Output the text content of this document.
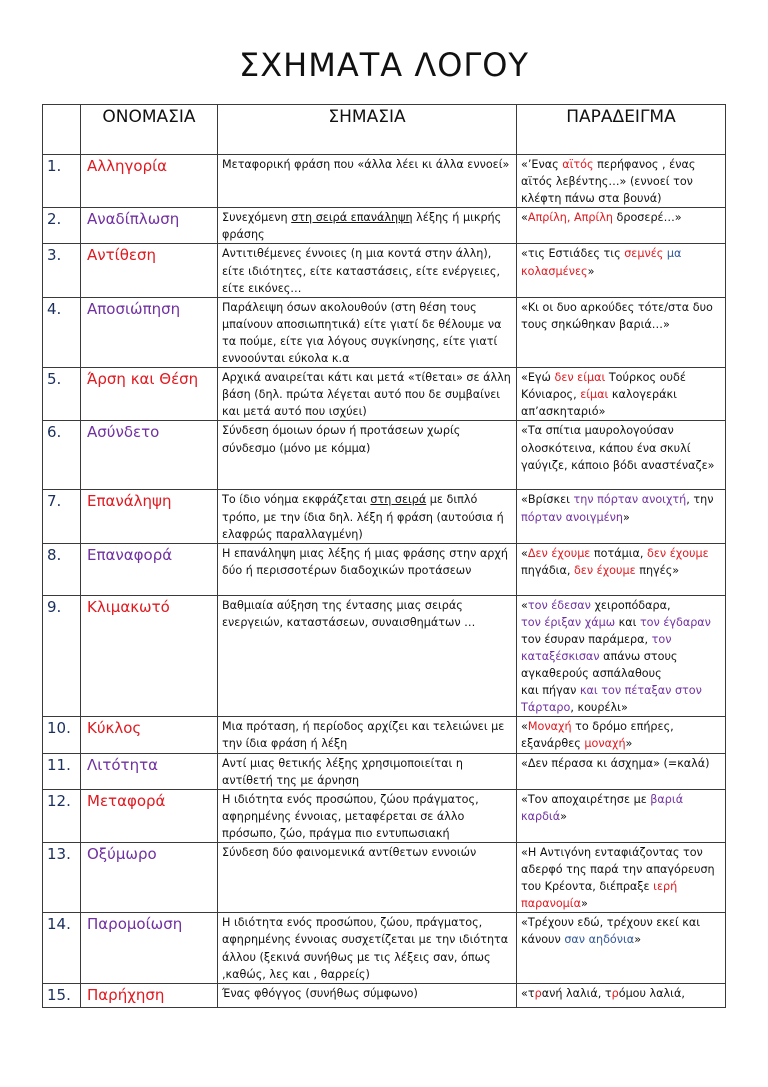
ΣΧΗΜΑΤΑ ΛΟΓΟΥ
	ΟΝΟΜΑΣΙΑ	ΣΗΜΑΣΙΑ	ΠΑΡΑΔΕΙΓΜΑ
1.	Αλληγορία	Μεταφορική φράση που «άλλα λέει κι άλλα εννοεί»	«’Ενας αϊτός περήφανος , ένας αϊτός λεβέντης…» (εννοεί τον κλέφτη πάνω στα βουνά)
2.	Αναδίπλωση	Συνεχόμενη στη σειρά επανάληψη λέξης ή μικρής φράσης	«Απρίλη, Απρίλη δροσερέ…»
3.	Αντίθεση	Αντιτιθέμενες έννοιες (η μια κοντά στην άλλη), είτε ιδιότητες, είτε καταστάσεις, είτε ενέργειες, είτε εικόνες…	«τις Εστιάδες τις σεμνές μα κολασμένες»
4.	Αποσιώπηση	Παράλειψη όσων ακολουθούν (στη θέση τους μπαίνουν αποσιωπητικά) είτε γιατί δε θέλουμε να τα πούμε, είτε για λόγους συγκίνησης, είτε γιατί εννοούνται εύκολα κ.α	«Κι οι δυο αρκούδες τότε/στα δυο τους σηκώθηκαν βαριά…»
5.	Άρση και Θέση	Αρχικά αναιρείται κάτι και μετά «τίθεται» σε άλλη βάση (δηλ. πρώτα λέγεται αυτό που δε συμβαίνει και μετά αυτό που ισχύει)	«Εγώ δεν είμαι Τούρκος ουδέ Κόνιαρος, είμαι καλογεράκι απ’ασκηταριό»
6.	Ασύνδετο	Σύνδεση όμοιων όρων ή προτάσεων χωρίς σύνδεσμο (μόνο με κόμμα)	«Τα σπίτια μαυρολογούσαν ολοσκότεινα, κάπου ένα σκυλί γαύγιζε, κάποιο βόδι αναστέναζε»
7.	Επανάληψη	Το ίδιο νόημα εκφράζεται στη σειρά με διπλό τρόπο, με την ίδια δηλ. λέξη ή φράση (αυτούσια ή ελαφρώς παραλλαγμένη)	«Βρίσκει την πόρταν ανοιχτή, την πόρταν ανοιγμένη»
8.	Επαναφορά	Η επανάληψη μιας λέξης ή μιας φράσης στην αρχή δύο ή περισσοτέρων διαδοχικών προτάσεων	«Δεν έχουμε ποτάμια, δεν έχουμε πηγάδια, δεν έχουμε πηγές»
9.	Κλιμακωτό	Βαθμιαία αύξηση της έντασης μιας σειράς ενεργειών, καταστάσεων, συναισθημάτων …	«τον έδεσαν χειροπόδαρα,
τον έριξαν χάμω και τον έγδαραν
τον έσυραν παράμερα, τον καταξέσκισαν απάνω στους αγκαθερούς ασπάλαθους
και πήγαν και τον πέταξαν στον Τάρταρο, κουρέλι»
10.	Κύκλος	Μια πρόταση, ή περίοδος αρχίζει και τελειώνει με την ίδια φράση ή λέξη	«Μοναχή το δρόμο επήρες, εξανάρθες μοναχή»
11.	Λιτότητα	Αντί μιας θετικής λέξης χρησιμοποιείται η αντίθετή της με άρνηση	«Δεν πέρασα κι άσχημα» (=καλά)
12.	Μεταφορά	Η ιδιότητα ενός προσώπου, ζώου πράγματος, αφηρημένης έννοιας, μεταφέρεται σε άλλο πρόσωπο, ζώο, πράγμα πιο εντυπωσιακή	«Τον αποχαιρέτησε με βαριά καρδιά»
13.	Οξύμωρο	Σύνδεση δύο φαινομενικά αντίθετων εννοιών	«Η Αντιγόνη ενταφιάζοντας τον αδερφό της παρά την απαγόρευση του Κρέοντα, διέπραξε ιερή παρανομία»
14.	Παρομοίωση	Η ιδιότητα ενός προσώπου, ζώου, πράγματος, αφηρημένης έννοιας συσχετίζεται με την ιδιότητα άλλου (ξεκινά συνήθως με τις λέξεις σαν, όπως ,καθώς, λες και , θαρρείς)	«Τρέχουν εδώ, τρέχουν εκεί και κάνουν σαν αηδόνια»
15.	Παρήχηση	Ένας φθόγγος (συνήθως σύμφωνο)	«τρανή λαλιά, τρόμου λαλιά,
